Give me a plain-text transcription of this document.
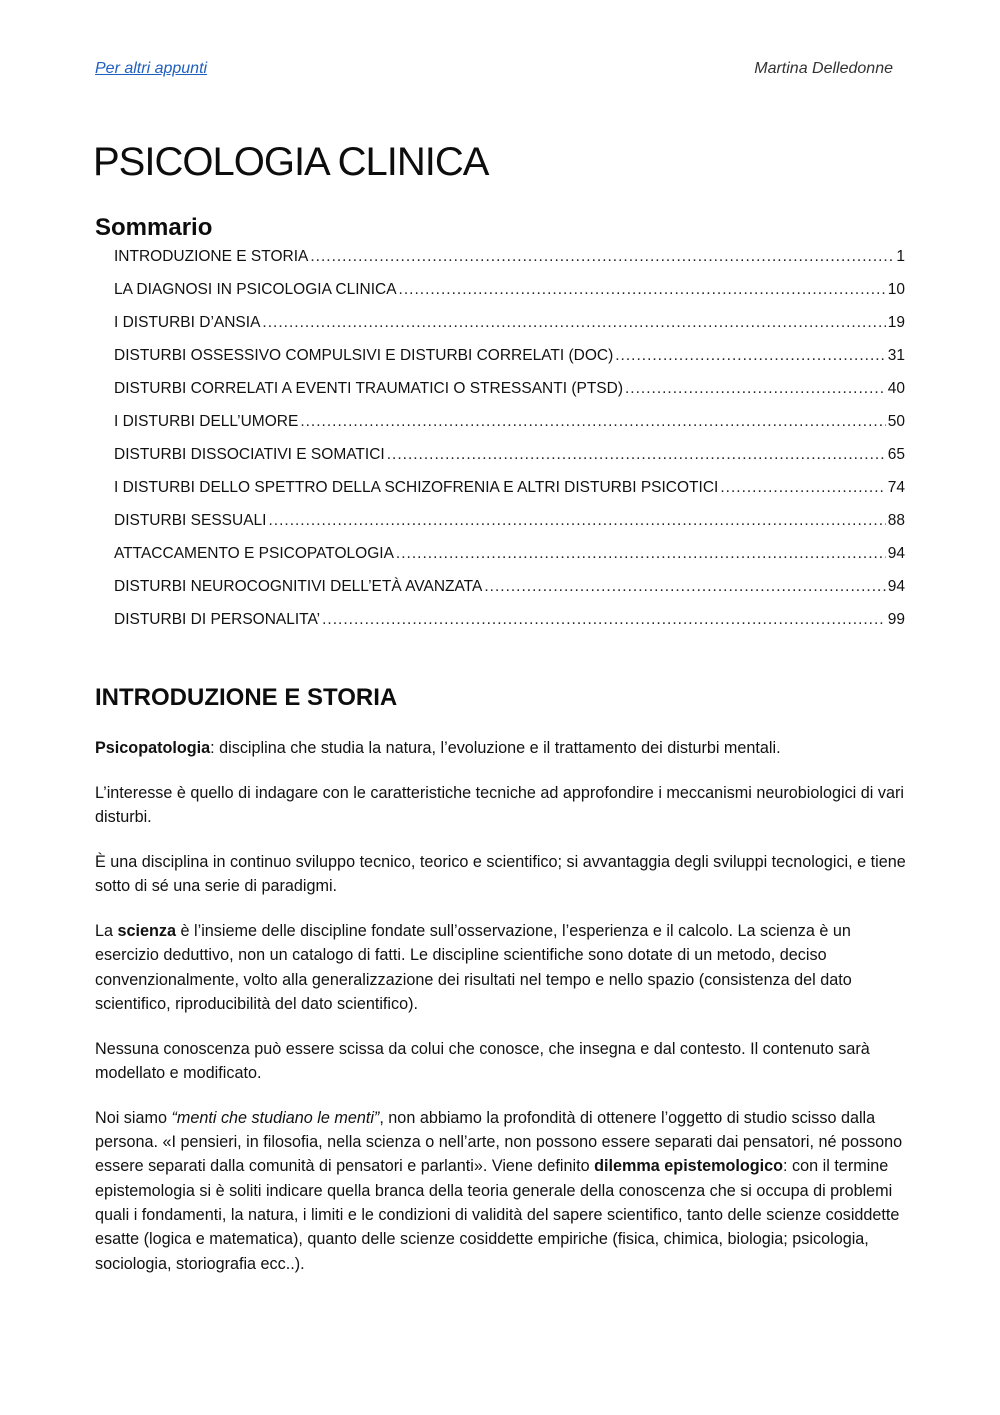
Per altri appunti	Martina Delledonne
PSICOLOGIA CLINICA
Sommario
INTRODUZIONE E STORIA .....	1
LA DIAGNOSI IN PSICOLOGIA CLINICA .....	10
I DISTURBI D’ANSIA .....	19
DISTURBI OSSESSIVO COMPULSIVI E DISTURBI CORRELATI (DOC) .....	31
DISTURBI CORRELATI A EVENTI TRAUMATICI O STRESSANTI (PTSD) .....	40
I DISTURBI DELL’UMORE .....	50
DISTURBI DISSOCIATIVI E SOMATICI .....	65
I DISTURBI DELLO SPETTRO DELLA SCHIZOFRENIA E ALTRI DISTURBI PSICOTICI .....	74
DISTURBI SESSUALI .....	88
ATTACCAMENTO E PSICOPATOLOGIA .....	94
DISTURBI NEUROCOGNITIVI DELL’ETÀ AVANZATA .....	94
DISTURBI DI PERSONALITA’ .....	99
INTRODUZIONE E STORIA

Psicopatologia: disciplina che studia la natura, l’evoluzione e il trattamento dei disturbi mentali.

L’interesse è quello di indagare con le caratteristiche tecniche ad approfondire i meccanismi neurobiologici di vari disturbi.

È una disciplina in continuo sviluppo tecnico, teorico e scientifico; si avvantaggia degli sviluppi tecnologici, e tiene sotto di sé una serie di paradigmi.

La scienza è l’insieme delle discipline fondate sull’osservazione, l’esperienza e il calcolo. La scienza è un esercizio deduttivo, non un catalogo di fatti. Le discipline scientifiche sono dotate di un metodo, deciso convenzionalmente, volto alla generalizzazione dei risultati nel tempo e nello spazio (consistenza del dato scientifico, riproducibilità del dato scientifico).

Nessuna conoscenza può essere scissa da colui che conosce, che insegna e dal contesto. Il contenuto sarà modellato e modificato.

Noi siamo “menti che studiano le menti”, non abbiamo la profondità di ottenere l’oggetto di studio scisso dalla persona. «I pensieri, in filosofia, nella scienza o nell’arte, non possono essere separati dai pensatori, né possono essere separati dalla comunità di pensatori e parlanti». Viene definito dilemma epistemologico: con il termine epistemologia si è soliti indicare quella branca della teoria generale della conoscenza che si occupa di problemi quali i fondamenti, la natura, i limiti e le condizioni di validità del sapere scientifico, tanto delle scienze cosiddette esatte (logica e matematica), quanto delle scienze cosiddette empiriche (fisica, chimica, biologia; psicologia, sociologia, storiografia ecc..).
